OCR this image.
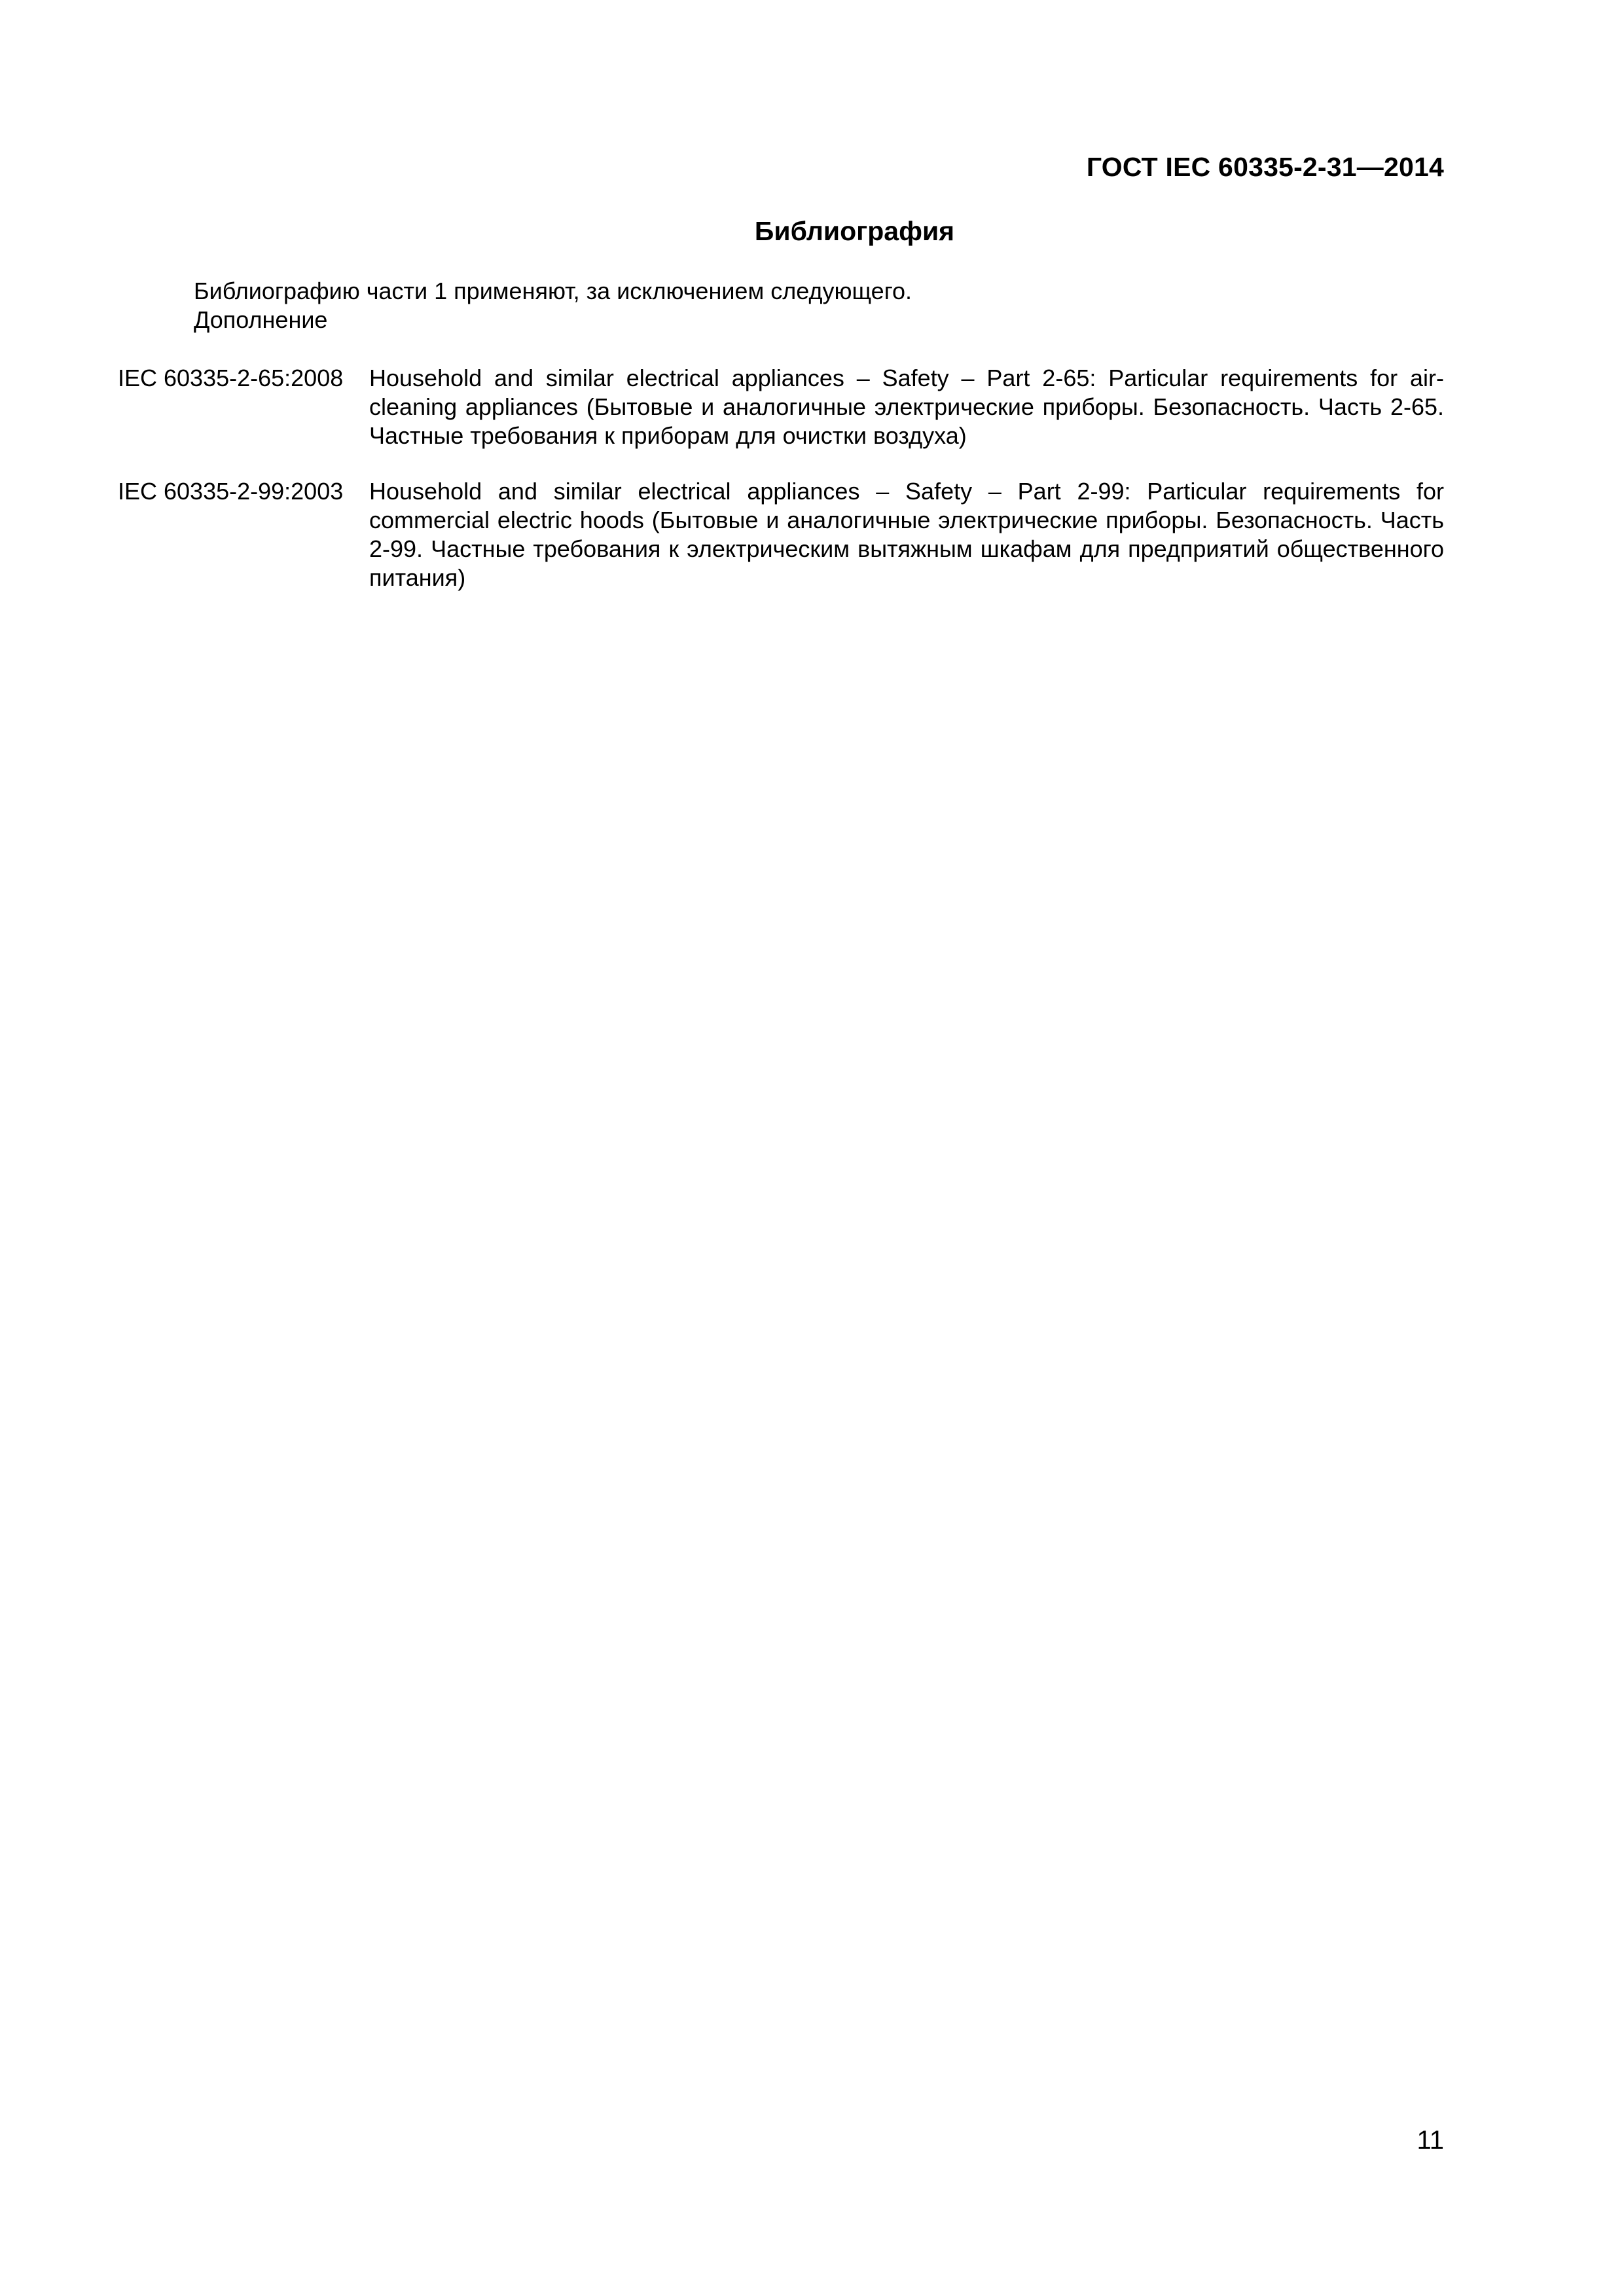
ГОСТ IEC 60335-2-31—2014
Библиография
Библиографию части 1 применяют, за исключением следующего.
Дополнение
IEC 60335-2-65:2008	Household and similar electrical appliances – Safety – Part 2-65: Particular requirements for air-cleaning appliances (Бытовые и аналогичные электрические приборы. Безопасность. Часть 2-65. Частные требования к приборам для очистки воздуха)
IEC 60335-2-99:2003	Household and similar electrical appliances – Safety – Part 2-99: Particular requirements for commercial electric hoods (Бытовые и аналогичные электрические приборы. Безопасность. Часть 2-99. Частные требования к электрическим вытяжным шкафам для предприятий общественного питания)
11
